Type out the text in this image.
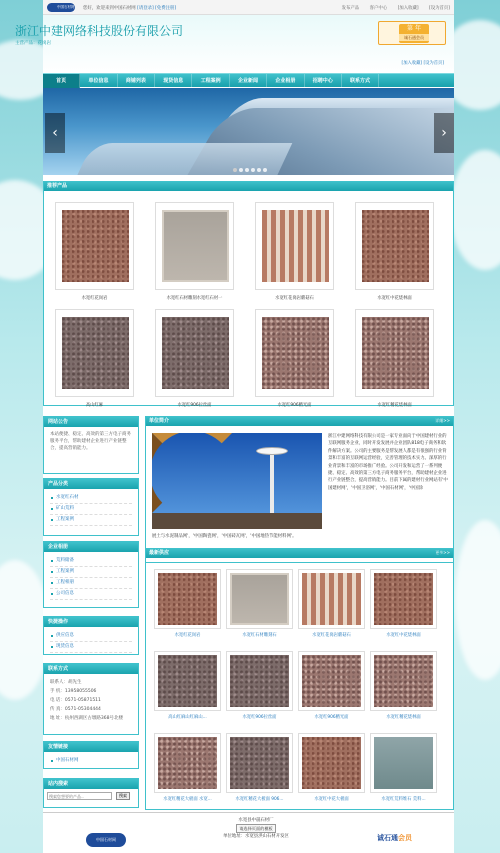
中国石材网 您好，欢迎来到中国石材网 [请登录] [免费注册]	发布产品 客户中心 [加入收藏] [设为首页]
第 年
诚石通会员
[加入收藏] [设为首页]
浙江中建网络科技股份有限公司
主营产品：花岗岩
首页	单位信息	商铺列表	现货信息	工程案例	企业新闻	企业相册	招聘中心	联系方式
‹	›
推荐产品
水宽红花岗岩	水宽红石材雕刻水宽红石材一	水宽红花岗岩蘑菇石	水宽红中花烧林面
高山红麻	水宽红906拉丝面	水宽红906精光面	水宽红精花烧林面
网站公告
本站便捷、稳定、高效的第三方电子商务服务平台，帮助建材企业进行产业链整合，提高营销能力。
产品分类
水宽红石材
矿山荒料
工程案例
企业相册
荒料储备
工程案例
工程相册
公司信息
快捷操作
供应信息
现货信息
联系方式
联系人：胡先生
手 机：13958055506
电 话：0571-05871511
传 真：0571-05304444
地 址：杭州西湖区古墩路368号北楼
友情链接
中国石材网
站内搜索
搜索您想要的产品...
搜索
单位简介	详细>>
浙江中建网络科技有限公司是一家专业面向于中国建材行业的互联网服务企业，同时开发发展并企业团队818电子商务和软件解决方案。公司的主要服务是帮发展人都是有很强的行业背景和丰富的互联网运营经验，完善管理的技术实力。深厚的行业背景和丰富的市场推广经验。公司开发和运营了一系列便捷、稳定、高效的第三方电子商务服务平台，帮助建材企业进行产业链整合，提高营销能力。目前下属的建材行业网站有'中国建材网'，'中国卫浴网'，'中国石材网'，'中国涂
展土与水泥制品网'，'中国陶瓷网'，'中国砖瓦网'，'中国地热节能材料网'。
最新供应	更多>>
水宽红花岗岩	水宽红石材雕刻石	水宽红花岗岩蘑菇石	水宽红中花烧林面
高山红麻山红麻山...	水宽红906拉丝面	水宽红906精光面	水宽红精花烧林面
水宽红精花大板面 水宽...	水宽红精花大板面 906...	水宽红中花大板面	水宽红荒料堆石 荒料...
中国石材网
水宽县中晟石材厂
请选择页面的模板
单位地址：水宽县洪山石材开发区	诚石通会员
